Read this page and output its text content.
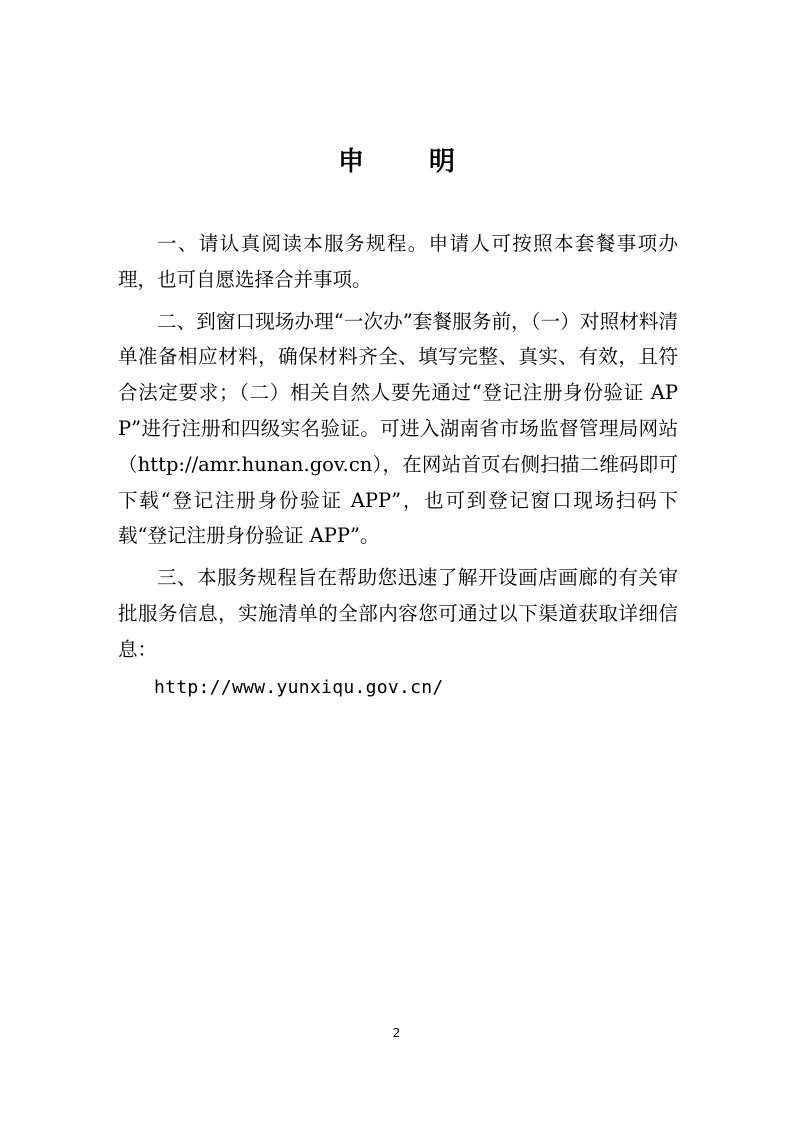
申 明

一、请认真阅读本服务规程。申请人可按照本套餐事项办理，也可自愿选择合并事项。

二、到窗口现场办理“一次办”套餐服务前，（一）对照材料清单准备相应材料，确保材料齐全、填写完整、真实、有效，且符合法定要求；（二）相关自然人要先通过“登记注册身份验证 APP”进行注册和四级实名验证。可进入湖南省市场监督管理局网站（http://amr.hunan.gov.cn），在网站首页右侧扫描二维码即可下载“登记注册身份验证 APP”，也可到登记窗口现场扫码下载“登记注册身份验证 APP”。

三、本服务规程旨在帮助您迅速了解开设画店画廊的有关审批服务信息，实施清单的全部内容您可通过以下渠道获取详细信息：

http://www.yunxiqu.gov.cn/

2
